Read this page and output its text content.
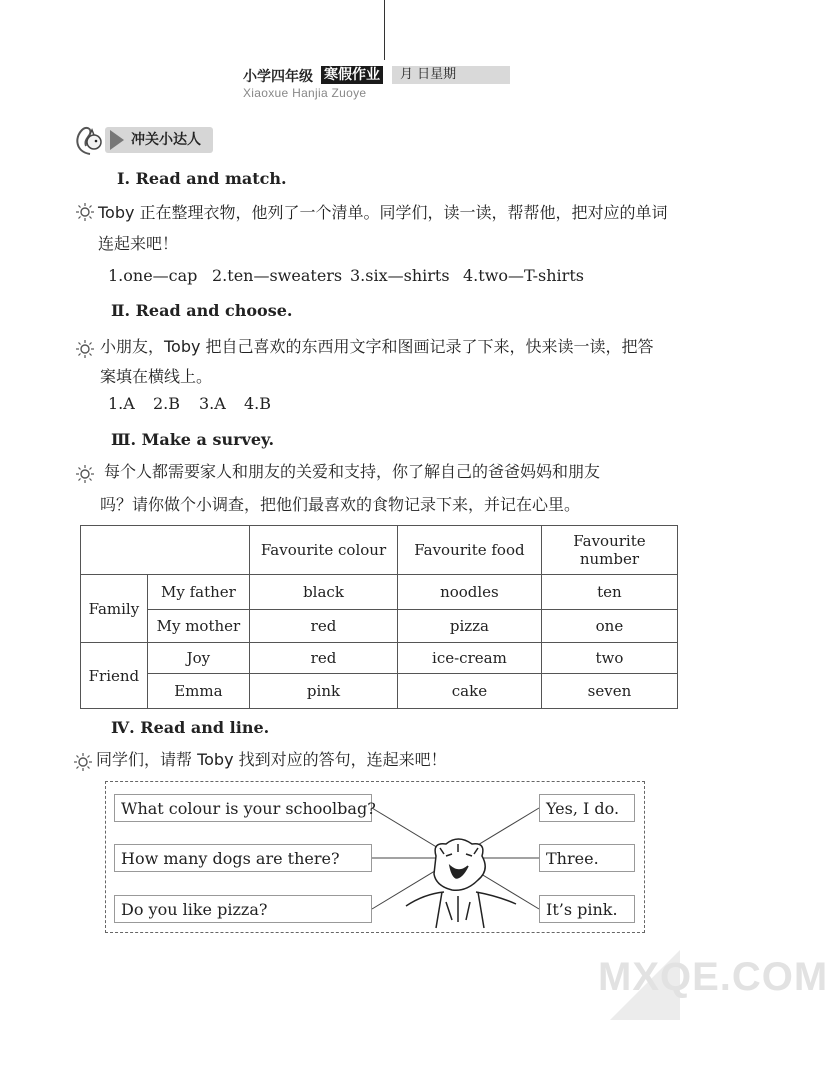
小学四年级 寒假作业	月 日星期
Xiaoxue Hanjia Zuoye
冲关小达人
Ⅰ. Read and match.
Toby 正在整理衣物，他列了一个清单。同学们，读一读，帮帮他，把对应的单词
连起来吧！
1.one—cap 2.ten—sweaters 3.six—shirts 4.two—T-shirts
Ⅱ. Read and choose.
小朋友，Toby 把自己喜欢的东西用文字和图画记录了下来，快来读一读，把答
案填在横线上。
1.A 2.B 3.A 4.B
Ⅲ. Make a survey.
每个人都需要家人和朋友的关爱和支持，你了解自己的爸爸妈妈和朋友
吗？请你做个小调查，把他们最喜欢的食物记录下来，并记在心里。
		Favourite colour	Favourite food	Favourite number
Family	My father	black	noodles	ten
	My mother	red	pizza	one
Friend	Joy	red	ice-cream	two
	Emma	pink	cake	seven
Ⅳ. Read and line.
同学们，请帮 Toby 找到对应的答句，连起来吧！
What colour is your schoolbag?
How many dogs are there?
Do you like pizza?
Yes, I do.
Three.
It’s pink.
MXQE.COM
